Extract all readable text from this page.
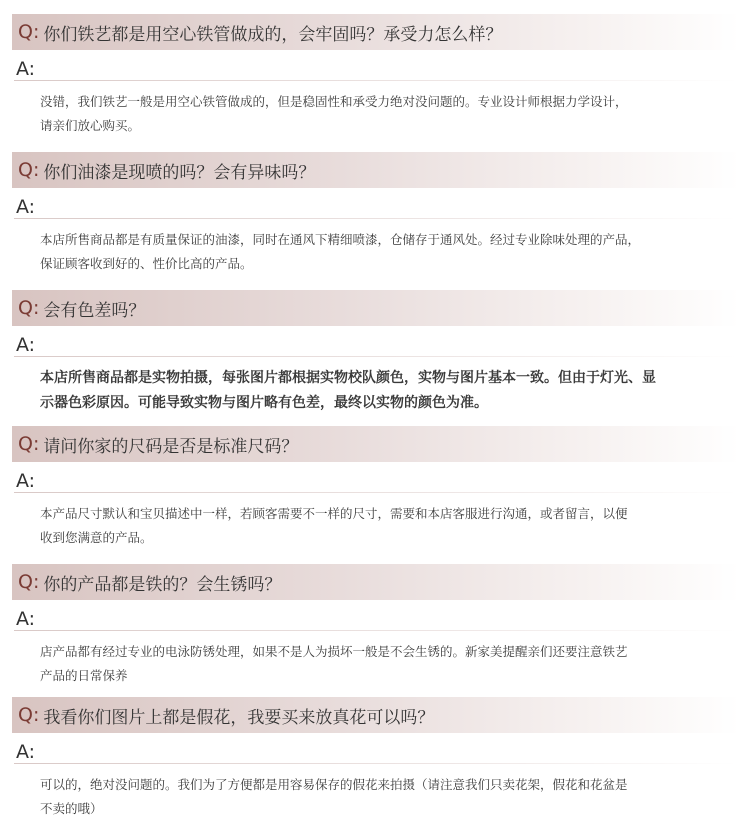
Q: 你们铁艺都是用空心铁管做成的，会牢固吗？承受力怎么样？
A:
没错，我们铁艺一般是用空心铁管做成的，但是稳固性和承受力绝对没问题的。专业设计师根据力学设计，
请亲们放心购买。
Q: 你们油漆是现喷的吗？会有异味吗？
A:
本店所售商品都是有质量保证的油漆，同时在通风下精细喷漆，仓储存于通风处。经过专业除味处理的产品，
保证顾客收到好的、性价比高的产品。
Q: 会有色差吗？
A:
本店所售商品都是实物拍摄，每张图片都根据实物校队颜色，实物与图片基本一致。但由于灯光、显
示器色彩原因。可能导致实物与图片略有色差，最终以实物的颜色为准。
Q: 请问你家的尺码是否是标准尺码？
A:
本产品尺寸默认和宝贝描述中一样，若顾客需要不一样的尺寸，需要和本店客服进行沟通，或者留言，以便
收到您满意的产品。
Q: 你的产品都是铁的？会生锈吗？
A:
店产品都有经过专业的电泳防锈处理，如果不是人为损坏一般是不会生锈的。新家美提醒亲们还要注意铁艺
产品的日常保养
Q: 我看你们图片上都是假花，我要买来放真花可以吗？
A:
可以的，绝对没问题的。我们为了方便都是用容易保存的假花来拍摄（请注意我们只卖花架，假花和花盆是
不卖的哦）
